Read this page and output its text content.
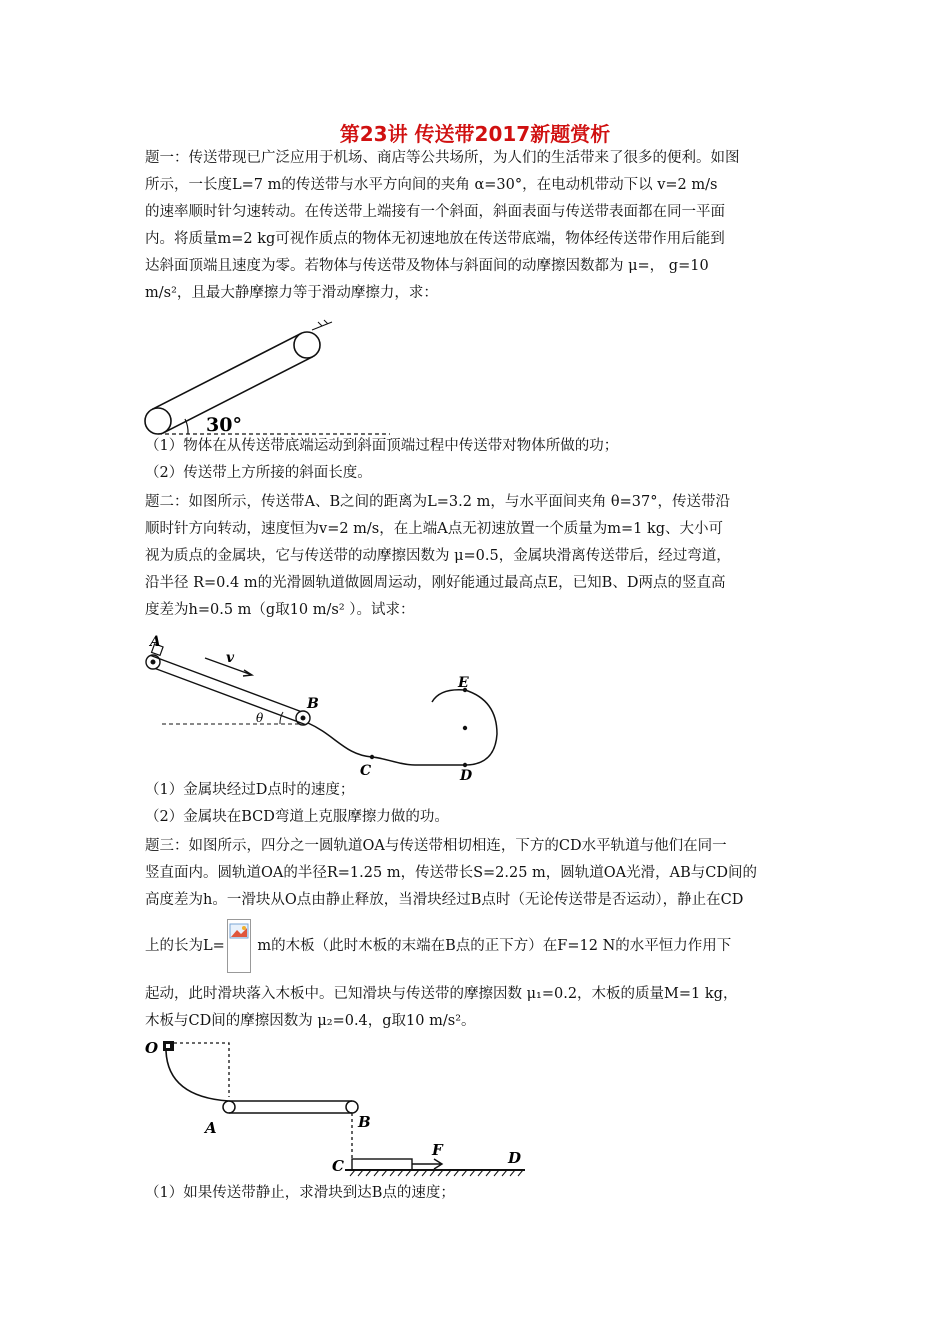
第23讲 传送带2017新题赏析
题一：传送带现已广泛应用于机场、商店等公共场所，为人们的生活带来了很多的便利。如图
所示，一长度L=7 m的传送带与水平方向间的夹角 α=30°，在电动机带动下以 v=2 m/s
的速率顺时针匀速转动。在传送带上端接有一个斜面，斜面表面与传送带表面都在同一平面
内。将质量m=2 kg可视作质点的物体无初速地放在传送带底端，物体经传送带作用后能到
达斜面顶端且速度为零。若物体与传送带及物体与斜面间的动摩擦因数都为 μ=， g=10
m/s²，且最大静摩擦力等于滑动摩擦力，求：
30°
（1）物体在从传送带底端运动到斜面顶端过程中传送带对物体所做的功；
（2）传送带上方所接的斜面长度。
题二：如图所示，传送带A、B之间的距离为L=3.2 m，与水平面间夹角 θ=37°，传送带沿
顺时针方向转动，速度恒为v=2 m/s，在上端A点无初速放置一个质量为m=1 kg、大小可
视为质点的金属块，它与传送带的动摩擦因数为 μ=0.5，金属块滑离传送带后，经过弯道，
沿半径 R=0.4 m的光滑圆轨道做圆周运动，刚好能通过最高点E，已知B、D两点的竖直高
度差为h=0.5 m（g取10 m/s² ）。试求：
A
v
θ
B
C	D
E
（1）金属块经过D点时的速度；
（2）金属块在BCD弯道上克服摩擦力做的功。
题三：如图所示，四分之一圆轨道OA与传送带相切相连，下方的CD水平轨道与他们在同一
竖直面内。圆轨道OA的半径R=1.25 m，传送带长S=2.25 m，圆轨道OA光滑，AB与CD间的
高度差为h。一滑块从O点由静止释放，当滑块经过B点时（无论传送带是否运动），静止在CD
上的长为L=
m的木板（此时木板的末端在B点的正下方）在F=12 N的水平恒力作用下
起动，此时滑块落入木板中。已知滑块与传送带的摩擦因数 μ₁=0.2，木板的质量M=1 kg，
木板与CD间的摩擦因数为 μ₂=0.4，g取10 m/s²。
O
A	B
C
F	D
（1）如果传送带静止，求滑块到达B点的速度；
